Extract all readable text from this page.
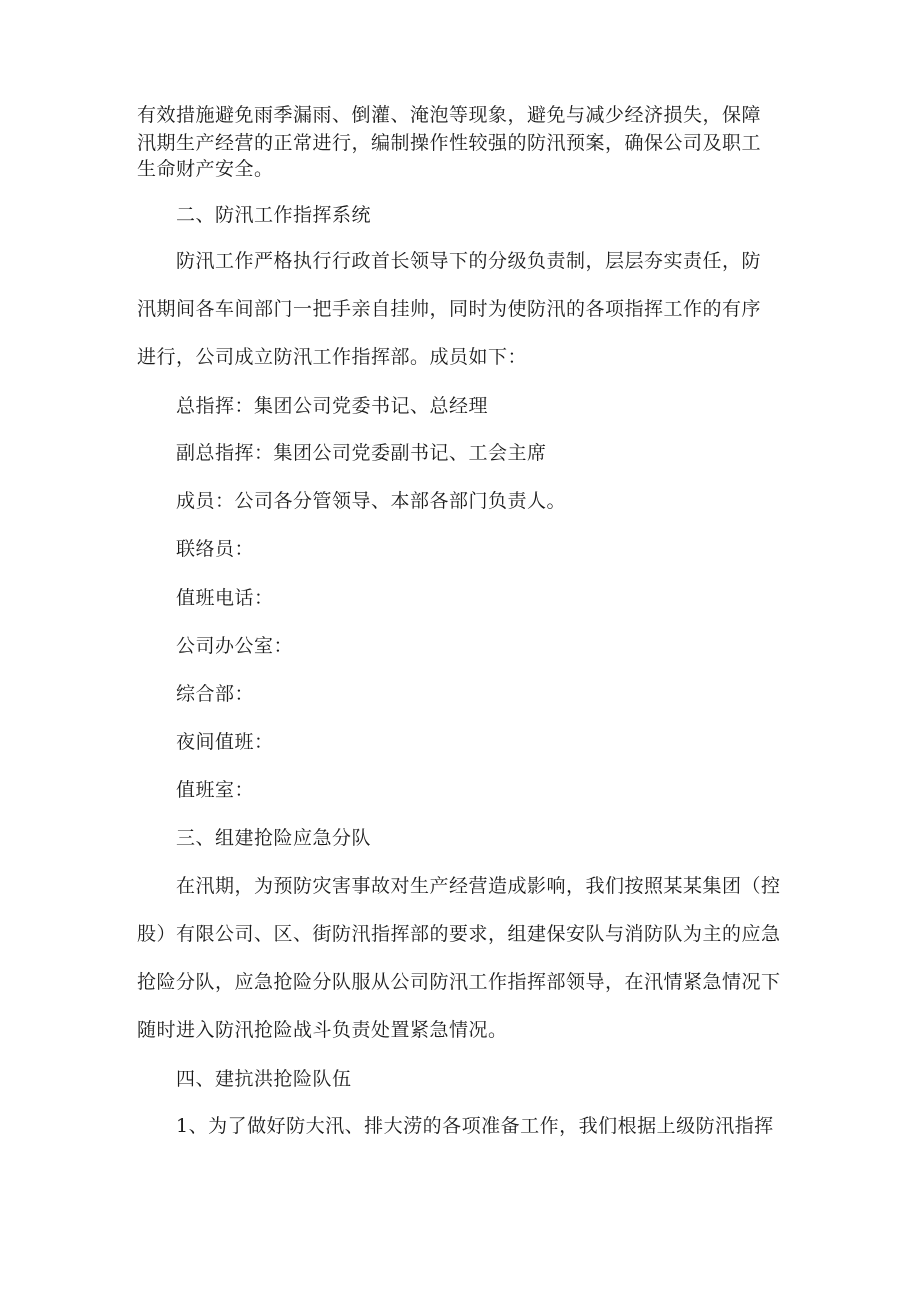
有效措施避免雨季漏雨、倒灌、淹泡等现象，避免与减少经济损失，保障
汛期生产经营的正常进行，编制操作性较强的防汛预案，确保公司及职工
生命财产安全。
二、防汛工作指挥系统
防汛工作严格执行行政首长领导下的分级负责制，层层夯实责任，防
汛期间各车间部门一把手亲自挂帅，同时为使防汛的各项指挥工作的有序
进行，公司成立防汛工作指挥部。成员如下：
总指挥：集团公司党委书记、总经理
副总指挥：集团公司党委副书记、工会主席
成员：公司各分管领导、本部各部门负责人。
联络员：
值班电话：
公司办公室：
综合部：
夜间值班：
值班室：
三、组建抢险应急分队
在汛期，为预防灾害事故对生产经营造成影响，我们按照某某集团（控
股）有限公司、区、街防汛指挥部的要求，组建保安队与消防队为主的应急
抢险分队，应急抢险分队服从公司防汛工作指挥部领导，在汛情紧急情况下
随时进入防汛抢险战斗负责处置紧急情况。
四、建抗洪抢险队伍
1、为了做好防大汛、排大涝的各项准备工作，我们根据上级防汛指挥
